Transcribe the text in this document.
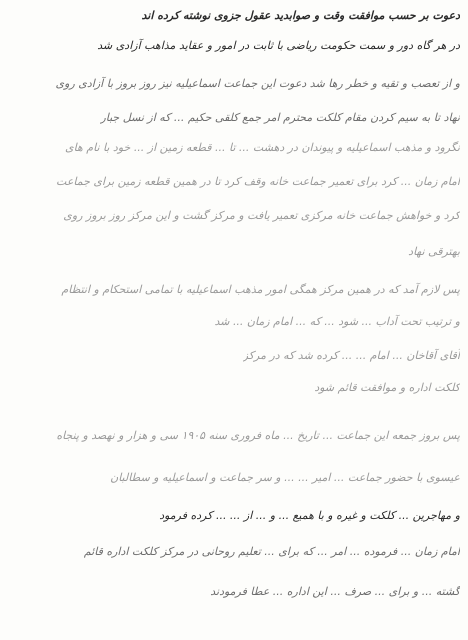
دعوت بر حسب موافقت وقت و صوابدید عقول جزوی نوشته کرده اند
در هر گاه دور و سمت حکومت ریاضی با ثابت در امور و عقاید مذاهب آزادی شد
و از تعصب و تقیه و خطر رها شد دعوت این جماعت اسماعیلیه نیز روز بروز با آزادی روی
نهاد تا به سیم کردن مقام کلکت محترم امر جمع کلقی حکیم ... که از نسل جبار
نگرود و مذهب اسماعیلیه و پیوندان در دهشت ... تا ... قطعه زمین از ... خود با نام های
امام زمان ... کرد برای تعمیر جماعت خانه وقف کرد تا در همین قطعه زمین برای جماعت
کرد و خواهش جماعت خانه مرکزی تعمیر یافت و مرکز گشت و این مرکز روز بروز روی
بهترقی نهاد
پس لازم آمد که در همین مرکز همگی امور مذهب اسماعیلیه با تمامی استحکام و انتظام
و ترتیب تحت آداب ... شود ... که ... امام زمان ... شد
آقای آقاخان ... امام ... ... کرده شد که در مرکز
کلکت اداره و موافقت قائم شود
پس بروز جمعه این جماعت ... تاریخ ... ماه فروری سنه ۱۹۰۵ سی و هزار و نهصد و پنجاه
عیسوی با حضور جماعت ... امیر ... ... و سر جماعت و اسماعیلیه و سطالبان
و مهاجرین ... کلکت و غیره و با همیع ... و ... از ... ... کرده فرمود
امام زمان ... فرموده ... امر ... که برای ... تعلیم روحانی در مرکز کلکت اداره قائم
گشته ... و برای ... صرف ... این اداره ... عطا فرمودند
